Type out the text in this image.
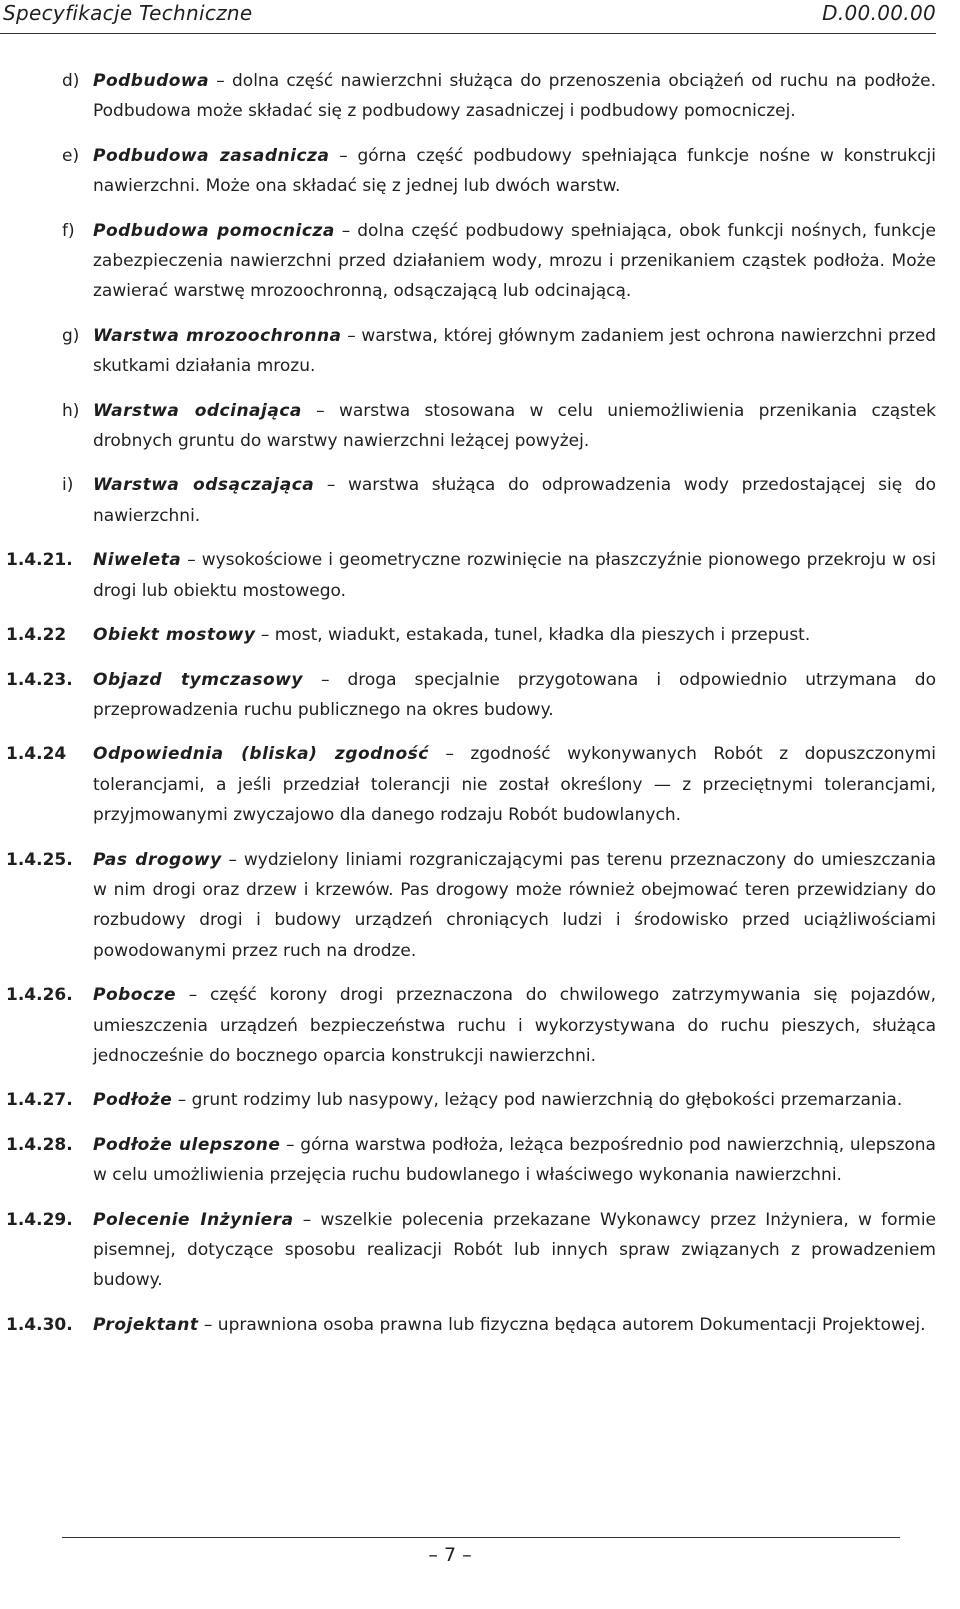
Specyfikacje Techniczne	D.00.00.00
d) Podbudowa – dolna część nawierzchni służąca do przenoszenia obciążeń od ruchu na podłoże. Podbudowa może składać się z podbudowy zasadniczej i podbudowy pomocniczej.
e) Podbudowa zasadnicza – górna część podbudowy spełniająca funkcje nośne w konstrukcji nawierzchni. Może ona składać się z jednej lub dwóch warstw.
f) Podbudowa pomocnicza – dolna część podbudowy spełniająca, obok funkcji nośnych, funkcje zabezpieczenia nawierzchni przed działaniem wody, mrozu i przenikaniem cząstek podłoża. Może zawierać warstwę mrozoochronną, odsączającą lub odcinającą.
g) Warstwa mrozoochronna – warstwa, której głównym zadaniem jest ochrona nawierzchni przed skutkami działania mrozu.
h) Warstwa odcinająca – warstwa stosowana w celu uniemożliwienia przenikania cząstek drobnych gruntu do warstwy nawierzchni leżącej powyżej.
i) Warstwa odsączająca – warstwa służąca do odprowadzenia wody przedostającej się do nawierzchni.
1.4.21. Niweleta – wysokościowe i geometryczne rozwinięcie na płaszczyźnie pionowego przekroju w osi drogi lub obiektu mostowego.
1.4.22 Obiekt mostowy – most, wiadukt, estakada, tunel, kładka dla pieszych i przepust.
1.4.23. Objazd tymczasowy – droga specjalnie przygotowana i odpowiednio utrzymana do przeprowadzenia ruchu publicznego na okres budowy.
1.4.24 Odpowiednia (bliska) zgodność – zgodność wykonywanych Robót z dopuszczonymi tolerancjami, a jeśli przedział tolerancji nie został określony — z przeciętnymi tolerancjami, przyjmowanymi zwyczajowo dla danego rodzaju Robót budowlanych.
1.4.25. Pas drogowy – wydzielony liniami rozgraniczającymi pas terenu przeznaczony do umieszczania w nim drogi oraz drzew i krzewów. Pas drogowy może również obejmować teren przewidziany do rozbudowy drogi i budowy urządzeń chroniących ludzi i środowisko przed uciążliwościami powodowanymi przez ruch na drodze.
1.4.26. Pobocze – część korony drogi przeznaczona do chwilowego zatrzymywania się pojazdów, umieszczenia urządzeń bezpieczeństwa ruchu i wykorzystywana do ruchu pieszych, służąca jednocześnie do bocznego oparcia konstrukcji nawierzchni.
1.4.27. Podłoże – grunt rodzimy lub nasypowy, leżący pod nawierzchnią do głębokości przemarzania.
1.4.28. Podłoże ulepszone – górna warstwa podłoża, leżąca bezpośrednio pod nawierzchnią, ulepszona w celu umożliwienia przejęcia ruchu budowlanego i właściwego wykonania nawierzchni.
1.4.29. Polecenie Inżyniera – wszelkie polecenia przekazane Wykonawcy przez Inżyniera, w formie pisemnej, dotyczące sposobu realizacji Robót lub innych spraw związanych z prowadzeniem budowy.
1.4.30. Projektant – uprawniona osoba prawna lub fizyczna będąca autorem Dokumentacji Projektowej.
– 7 –
